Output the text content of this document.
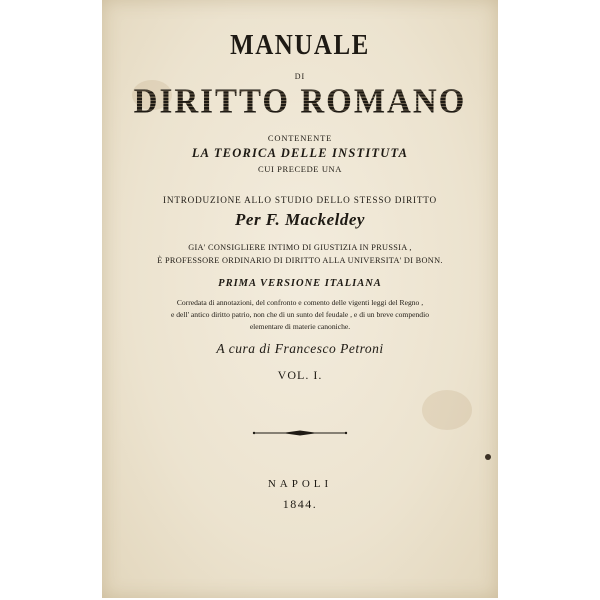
MANUALE
DI
DIRITTO ROMANO
CONTENENTE
LA TEORICA DELLE INSTITUTA
CUI PRECEDE UNA
INTRODUZIONE ALLO STUDIO DELLO STESSO DIRITTO
Per F. Mackeldey
GIA' CONSIGLIERE INTIMO DI GIUSTIZIA IN PRUSSIA ,
È PROFESSORE ORDINARIO DI DIRITTO ALLA UNIVERSITA' DI BONN.
PRIMA VERSIONE ITALIANA
Corredata di annotazioni, del confronto e comento delle vigenti leggi del Regno ,
e dell' antico diritto patrio, non che di un sunto del feudale , e di un breve compendio
elementare di materie canoniche.
A cura di Francesco Petroni
VOL. I.
NAPOLI
1844.
